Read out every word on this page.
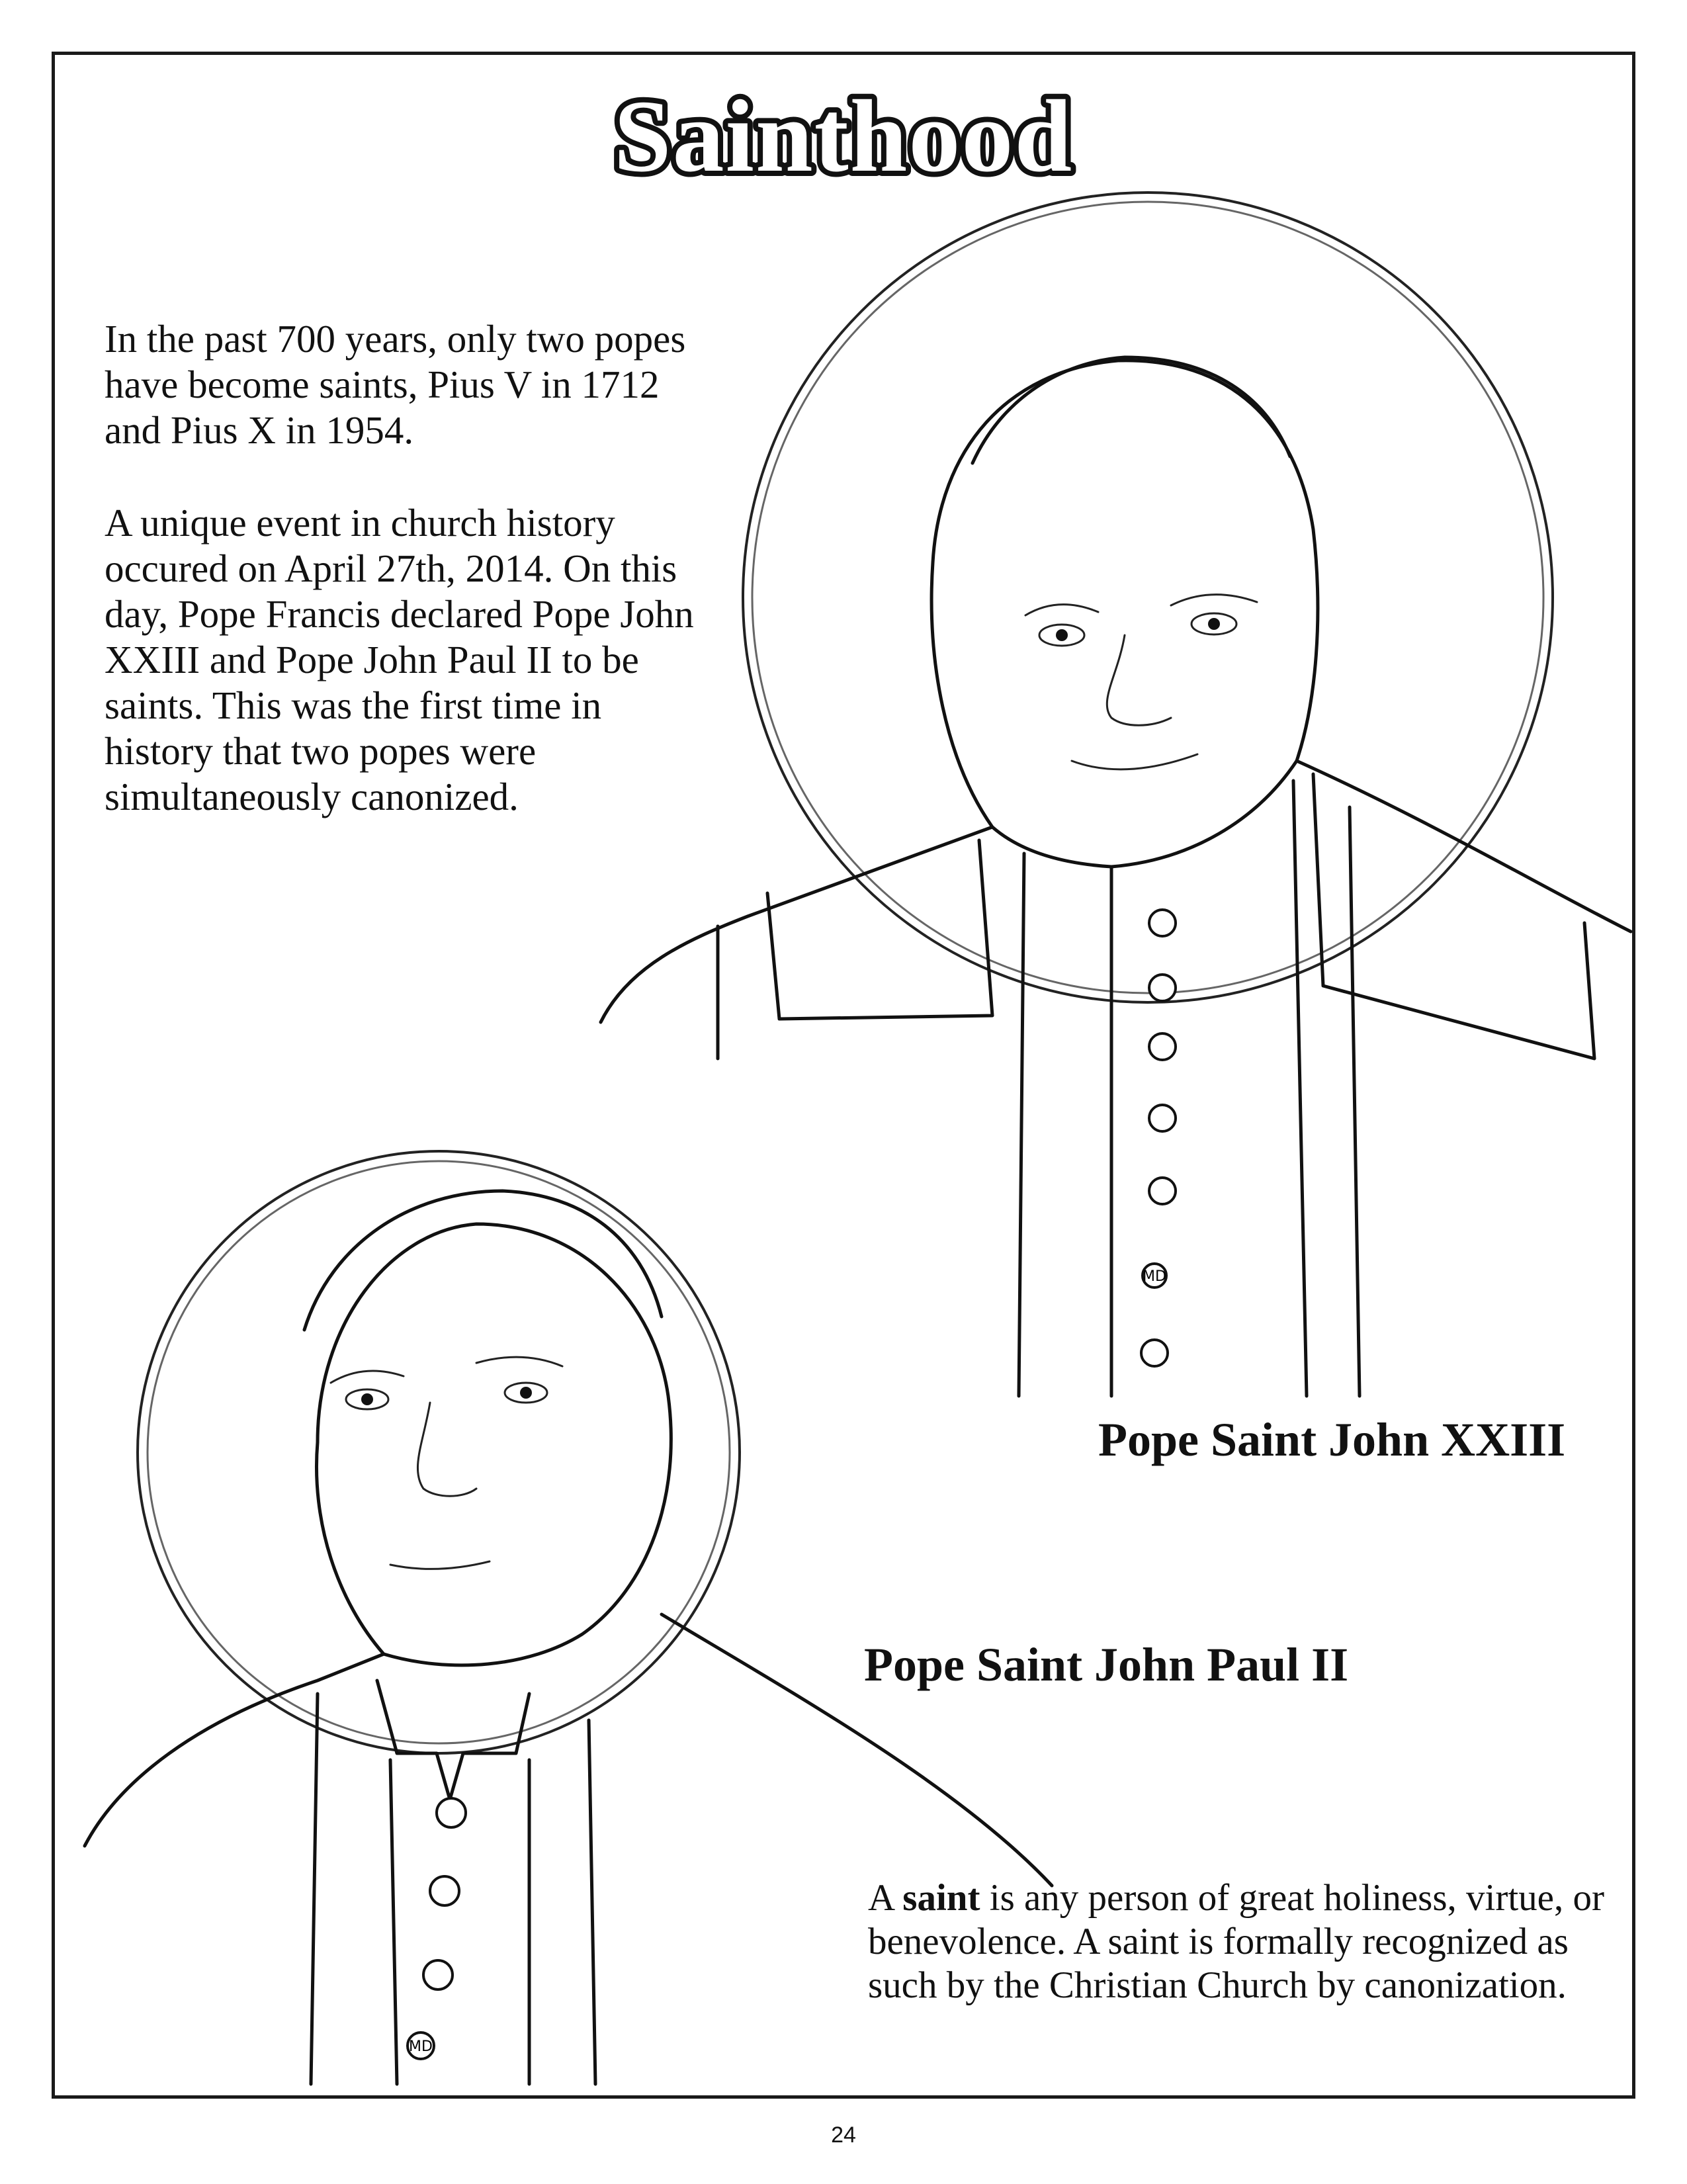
Sainthood
MD
MD

In the past 700 years, only two popes have become saints, Pius V in 1712 and Pius X in 1954.

A unique event in church history occured on April 27th, 2014. On this day, Pope Francis declared Pope John XXIII and Pope John Paul II to be saints. This was the first time in history that two popes were simultaneously canonized.

Pope Saint John XXIII

Pope Saint John Paul II

A saint is any person of great holiness, virtue, or benevolence. A saint is formally recognized as such by the Christian Church by canonization.

24
